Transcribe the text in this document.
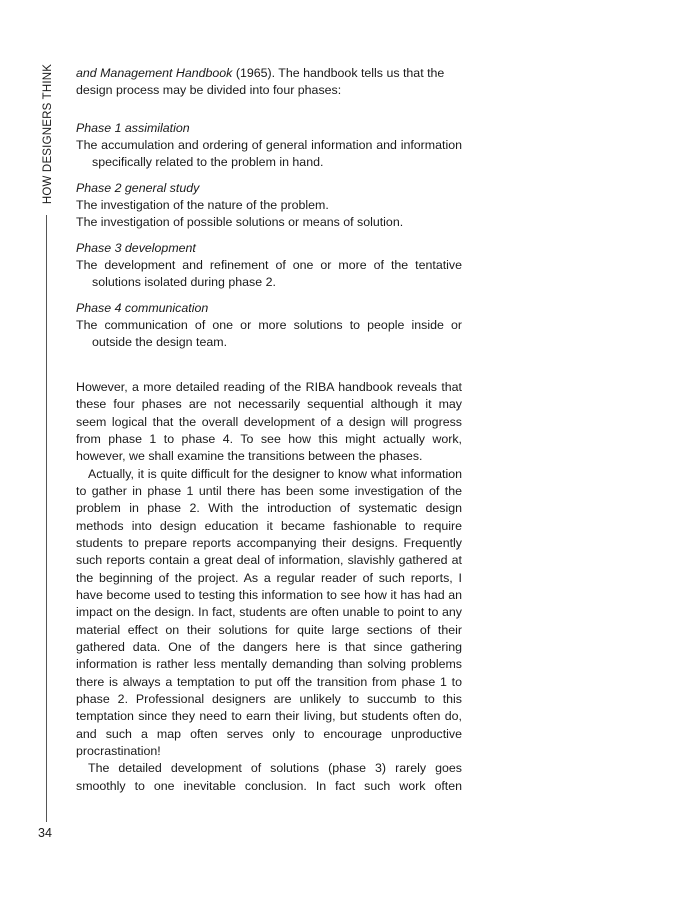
HOW DESIGNERS THINK
34

and Management Handbook (1965). The handbook tells us that the design process may be divided into four phases:

Phase 1 assimilation

The accumulation and ordering of general information and information specifically related to the problem in hand.

Phase 2 general study

The investigation of the nature of the problem.

The investigation of possible solutions or means of solution.

Phase 3 development

The development and refinement of one or more of the tentative solutions isolated during phase 2.

Phase 4 communication

The communication of one or more solutions to people inside or outside the design team.

However, a more detailed reading of the RIBA handbook reveals that these four phases are not necessarily sequential although it may seem logical that the overall development of a design will progress from phase 1 to phase 4. To see how this might actually work, however, we shall examine the transitions between the phases.

Actually, it is quite difficult for the designer to know what information to gather in phase 1 until there has been some investigation of the problem in phase 2. With the introduction of systematic design methods into design education it became fashionable to require students to prepare reports accompanying their designs. Frequently such reports contain a great deal of information, slavishly gathered at the beginning of the project. As a regular reader of such reports, I have become used to testing this information to see how it has had an impact on the design. In fact, students are often unable to point to any material effect on their solutions for quite large sections of their gathered data. One of the dangers here is that since gathering information is rather less mentally demanding than solving problems there is always a temptation to put off the transition from phase 1 to phase 2. Professional designers are unlikely to succumb to this temptation since they need to earn their living, but students often do, and such a map often serves only to encourage unproductive procrastination!

The detailed development of solutions (phase 3) rarely goes smoothly to one inevitable conclusion. In fact such work often
